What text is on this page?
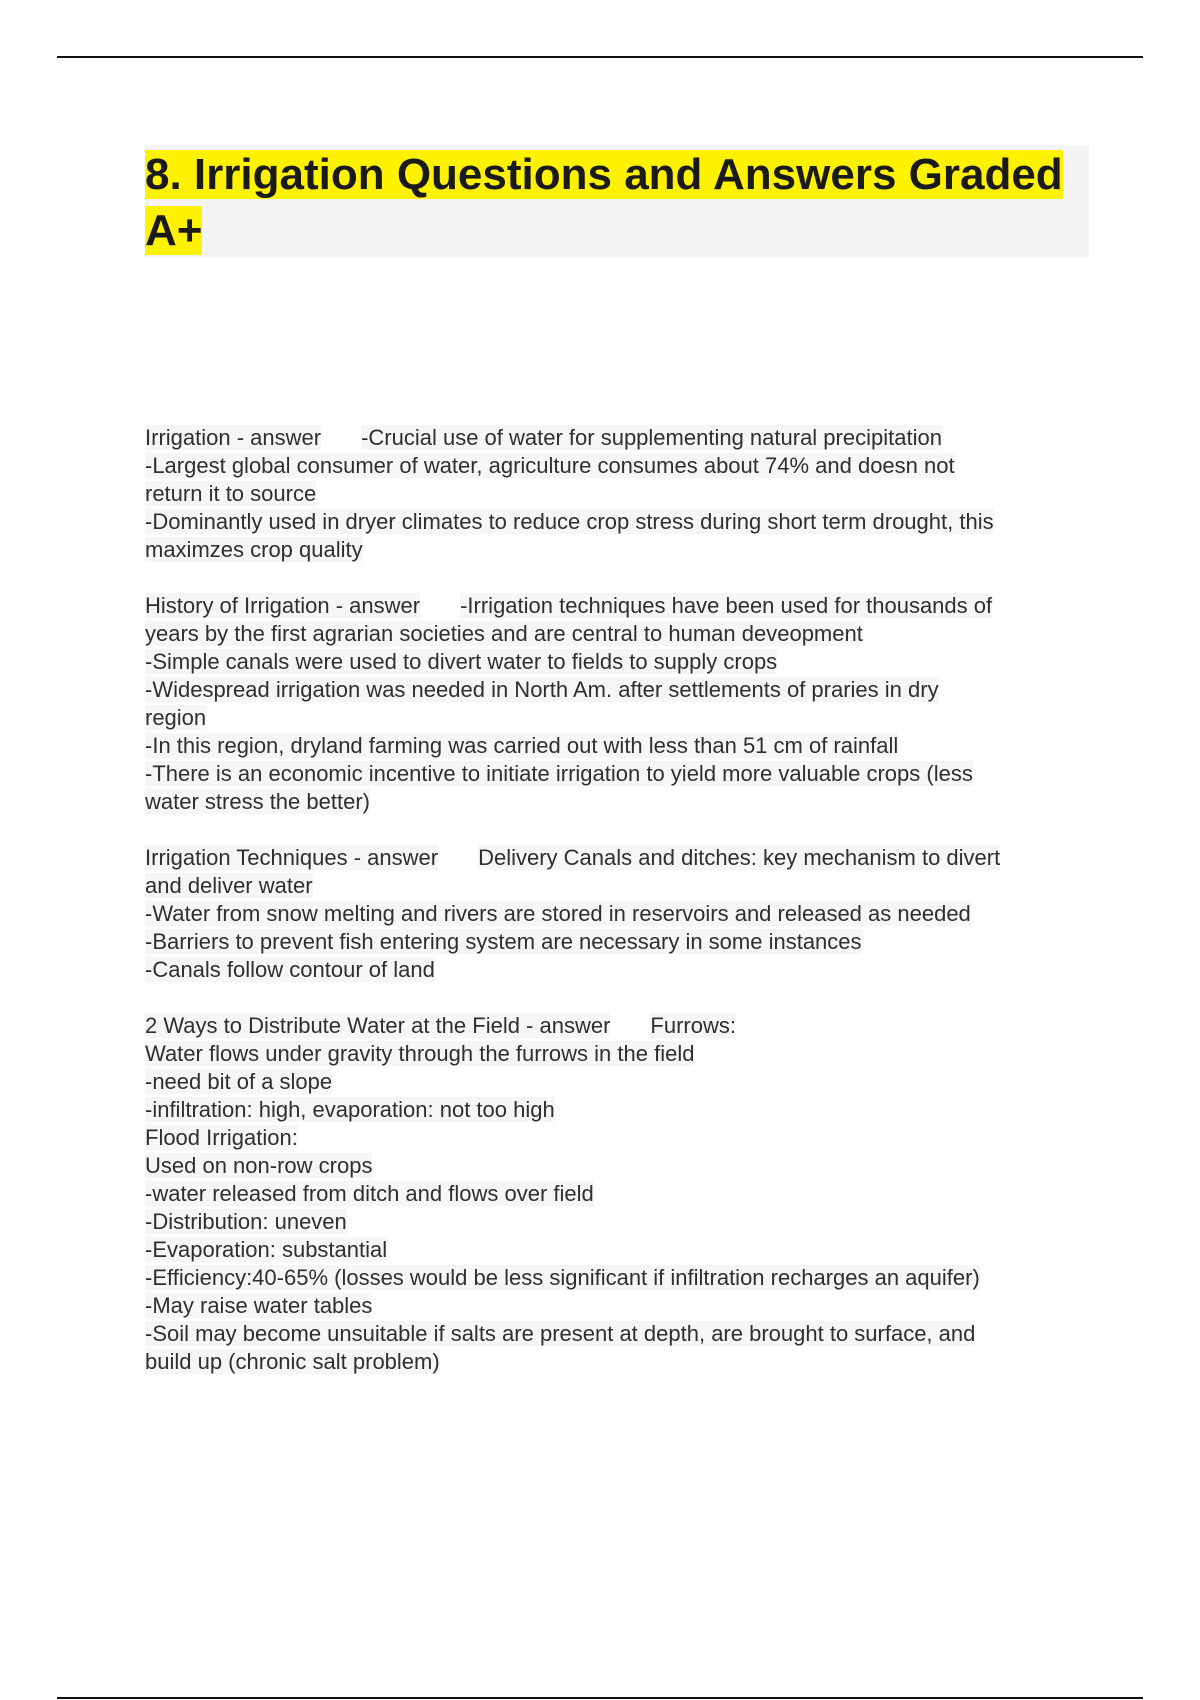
8. Irrigation Questions and Answers Graded A+
Irrigation - answer -Crucial use of water for supplementing natural precipitation
-Largest global consumer of water, agriculture consumes about 74% and doesn not
return it to source
-Dominantly used in dryer climates to reduce crop stress during short term drought, this
maximzes crop quality
History of Irrigation - answer -Irrigation techniques have been used for thousands of
years by the first agrarian societies and are central to human deveopment
-Simple canals were used to divert water to fields to supply crops
-Widespread irrigation was needed in North Am. after settlements of praries in dry
region
-In this region, dryland farming was carried out with less than 51 cm of rainfall
-There is an economic incentive to initiate irrigation to yield more valuable crops (less
water stress the better)
Irrigation Techniques - answer Delivery Canals and ditches: key mechanism to divert
and deliver water
-Water from snow melting and rivers are stored in reservoirs and released as needed
-Barriers to prevent fish entering system are necessary in some instances
-Canals follow contour of land
2 Ways to Distribute Water at the Field - answer Furrows:
Water flows under gravity through the furrows in the field
-need bit of a slope
-infiltration: high, evaporation: not too high
Flood Irrigation:
Used on non-row crops
-water released from ditch and flows over field
-Distribution: uneven
-Evaporation: substantial
-Efficiency:40-65% (losses would be less significant if infiltration recharges an aquifer)
-May raise water tables
-Soil may become unsuitable if salts are present at depth, are brought to surface, and
build up (chronic salt problem)
